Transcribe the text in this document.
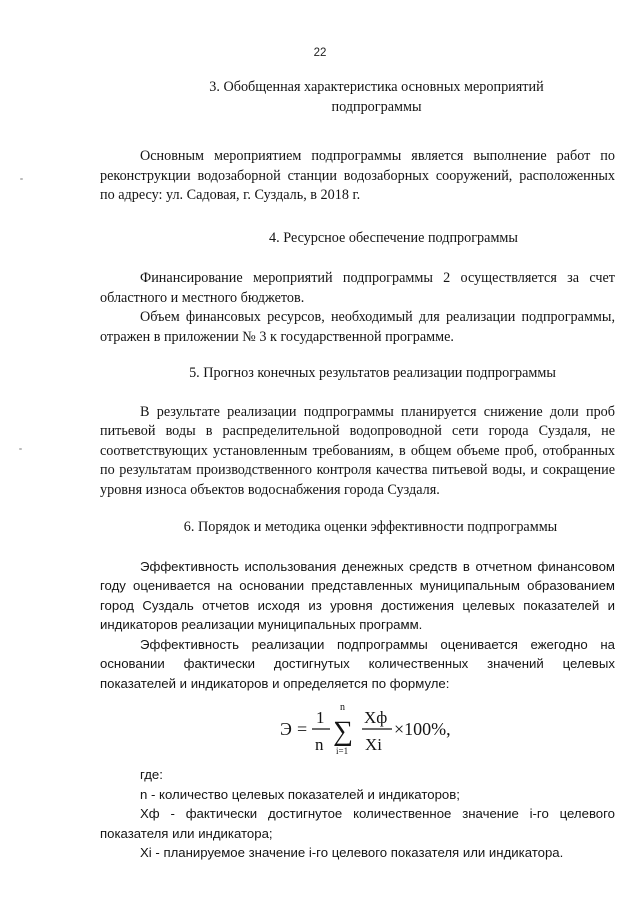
22
3. Обобщенная характеристика основных мероприятий
подпрограммы

Основным мероприятием подпрограммы является выполнение работ по реконструкции водозаборной станции водозаборных сооружений, расположенных по адресу: ул. Садовая, г. Суздаль, в 2018 г.

4. Ресурсное обеспечение подпрограммы

Финансирование мероприятий подпрограммы 2 осуществляется за счет областного и местного бюджетов.

Объем финансовых ресурсов, необходимый для реализации подпрограммы, отражен в приложении № 3 к государственной программе.

5. Прогноз конечных результатов реализации подпрограммы

В результате реализации подпрограммы планируется снижение доли проб питьевой воды в распределительной водопроводной сети города Суздаля, не соответствующих установленным требованиям, в общем объеме проб, отобранных по результатам производственного контроля качества питьевой воды, и сокращение уровня износа объектов водоснабжения города Суздаля.

6. Порядок и методика оценки эффективности подпрограммы

Эффективность использования денежных средств в отчетном финансовом году оценивается на основании представленных муниципальным образованием город Суздаль отчетов исходя из уровня достижения целевых показателей и индикаторов реализации муниципальных программ.

Эффективность реализации подпрограммы оценивается ежегодно на основании фактически достигнутых количественных значений целевых показателей и индикаторов и определяется по формуле:

Э =
1
n
n
∑
i=1
Хф
Хi
×100%,

где:

n - количество целевых показателей и индикаторов;

Хф - фактически достигнутое количественное значение i-го целевого показателя или индикатора;

Хi - планируемое значение i-го целевого показателя или индикатора.
